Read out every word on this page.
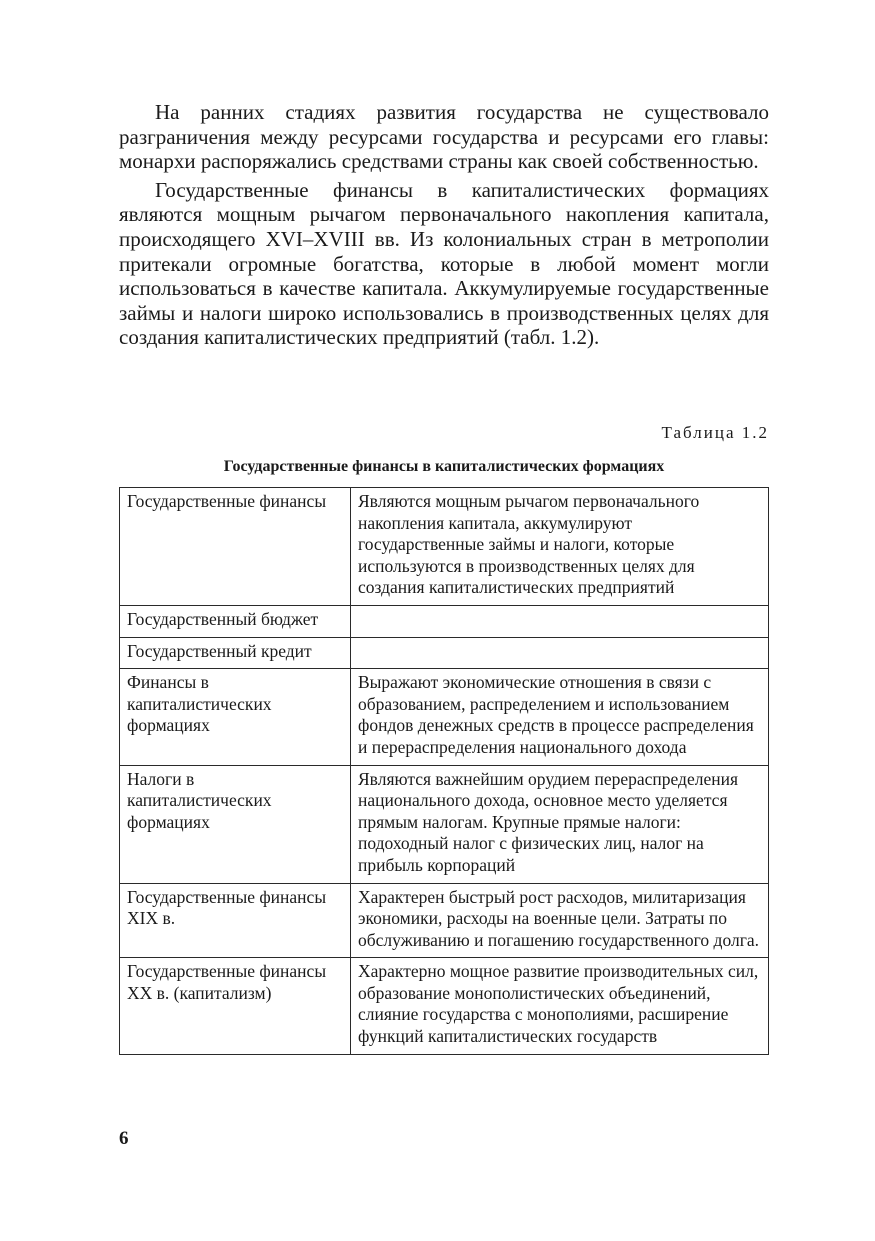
На ранних стадиях развития государства не существовало разграничения между ресурсами государства и ресурсами его главы: монархи распоряжались средствами страны как своей собственностью.

Государственные финансы в капиталистических формациях являются мощным рычагом первоначального накопления капитала, происходящего XVI–XVIII вв. Из колониальных стран в метрополии притекали огромные богатства, которые в любой момент могли использоваться в качестве капитала. Аккумулируемые государственные займы и налоги широко использовались в производственных целях для создания капиталистических предприятий (табл. 1.2).

Таблица 1.2
Государственные финансы в капиталистических формациях
Государственные финансы	Являются мощным рычагом первоначального накопления капитала, аккумулируют государственные займы и налоги, которые используются в производственных целях для создания капиталистических предприятий
Государственный бюджет	
Государственный кредит	
Финансы в капиталистических формациях	Выражают экономические отношения в связи с образованием, распределением и использованием фондов денежных средств в процессе распределения и перераспределения национального дохода
Налоги в капиталистических формациях	Являются важнейшим орудием перераспределения национального дохода, основное место уделяется прямым налогам. Крупные прямые налоги: подоходный налог с физических лиц, налог на прибыль корпораций
Государственные финансы XIX в.	Характерен быстрый рост расходов, милитаризация экономики, расходы на военные цели. Затраты по обслуживанию и погашению государственного долга.
Государственные финансы XX в. (капитализм)	Характерно мощное развитие производительных сил, образование монополистических объединений, слияние государства с монополиями, расширение функций капиталистических государств
6
